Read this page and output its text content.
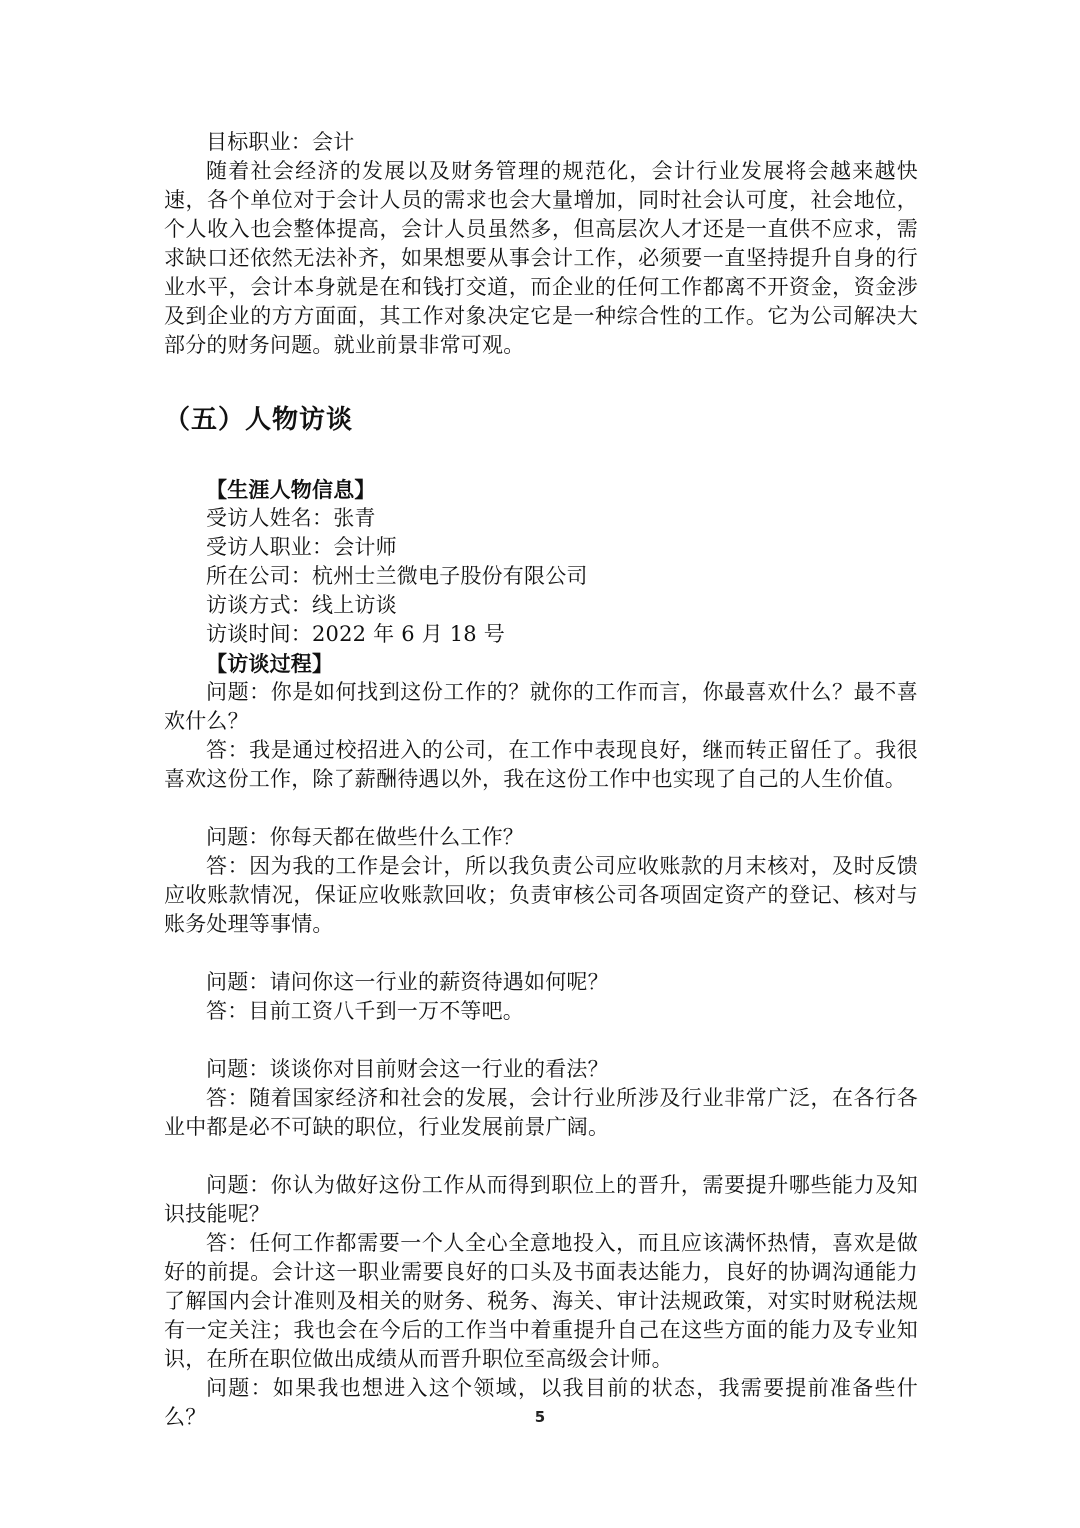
目标职业：会计

随着社会经济的发展以及财务管理的规范化，会计行业发展将会越来越快速，各个单位对于会计人员的需求也会大量增加，同时社会认可度，社会地位，个人收入也会整体提高，会计人员虽然多，但高层次人才还是一直供不应求，需求缺口还依然无法补齐，如果想要从事会计工作，必须要一直坚持提升自身的行业水平，会计本身就是在和钱打交道，而企业的任何工作都离不开资金，资金涉及到企业的方方面面，其工作对象决定它是一种综合性的工作。它为公司解决大部分的财务问题。就业前景非常可观。

（五）人物访谈

【生涯人物信息】

受访人姓名：张青

受访人职业：会计师

所在公司：杭州士兰微电子股份有限公司

访谈方式：线上访谈

访谈时间：2022 年 6 月 18 号

【访谈过程】

问题：你是如何找到这份工作的？就你的工作而言，你最喜欢什么？最不喜欢什么？

答：我是通过校招进入的公司，在工作中表现良好，继而转正留任了。我很喜欢这份工作，除了薪酬待遇以外，我在这份工作中也实现了自己的人生价值。

问题：你每天都在做些什么工作？

答：因为我的工作是会计，所以我负责公司应收账款的月末核对，及时反馈应收账款情况，保证应收账款回收；负责审核公司各项固定资产的登记、核对与账务处理等事情。

问题：请问你这一行业的薪资待遇如何呢？

答：目前工资八千到一万不等吧。

问题：谈谈你对目前财会这一行业的看法？

答：随着国家经济和社会的发展，会计行业所涉及行业非常广泛，在各行各业中都是必不可缺的职位，行业发展前景广阔。

问题：你认为做好这份工作从而得到职位上的晋升，需要提升哪些能力及知识技能呢？

答：任何工作都需要一个人全心全意地投入，而且应该满怀热情，喜欢是做好的前提。会计这一职业需要良好的口头及书面表达能力，良好的协调沟通能力了解国内会计准则及相关的财务、税务、海关、审计法规政策，对实时财税法规有一定关注；我也会在今后的工作当中着重提升自己在这些方面的能力及专业知识，在所在职位做出成绩从而晋升职位至高级会计师。

问题：如果我也想进入这个领域，以我目前的状态，我需要提前准备些什么？	5
